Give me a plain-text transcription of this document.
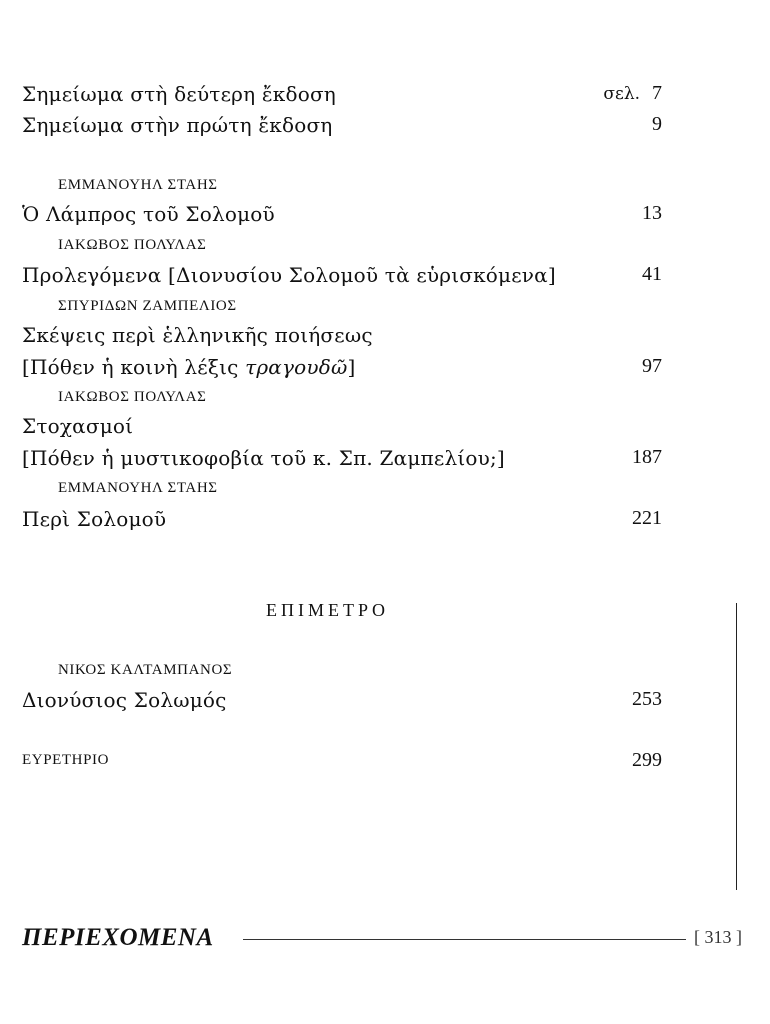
Σημείωμα στὴ δεύτερη ἔκδοση	σελ. 7
Σημείωμα στὴν πρώτη ἔκδοση	9
ΕΜΜΑΝΟΥΗΛ ΣΤΑΗΣ
Ὁ Λάμπρος τοῦ Σολομοῦ	13
ΙΑΚΩΒΟΣ ΠΟΛΥΛΑΣ
Προλεγόμενα [Διονυσίου Σολομοῦ τὰ εὑρισκόμενα]	41
ΣΠΥΡΙΔΩΝ ΖΑΜΠΕΛΙΟΣ
Σκέψεις περὶ ἑλληνικῆς ποιήσεως
[Πόθεν ἡ κοινὴ λέξις τραγουδῶ]	97
ΙΑΚΩΒΟΣ ΠΟΛΥΛΑΣ
Στοχασμοί
[Πόθεν ἡ μυστικοφοβία τοῦ κ. Σπ. Ζαμπελίου;]	187
ΕΜΜΑΝΟΥΗΛ ΣΤΑΗΣ
Περὶ Σολομοῦ	221
ΕΠΙΜΕΤΡΟ
ΝΙΚΟΣ ΚΑΛΤΑΜΠΑΝΟΣ
Διονύσιος Σολωμός	253
ΕΥΡΕΤΗΡΙΟ	299
ΠΕΡΙΕΧΟΜΕΝΑ	[ 313 ]
